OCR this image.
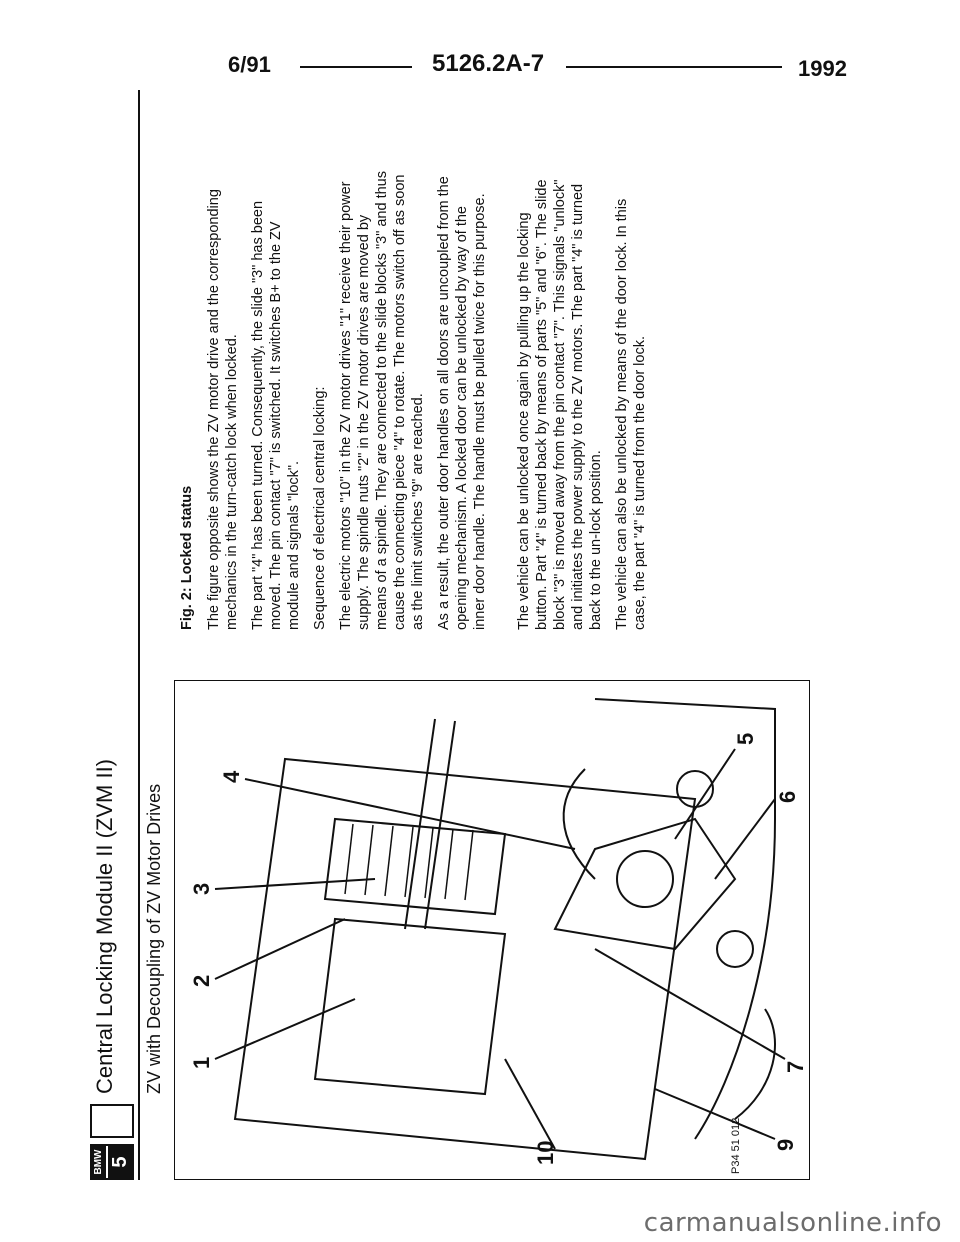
6/91	5126.2A-7	1992
BMW 5
Central Locking Module II (ZVM II) ZV with Decoupling of ZV Motor Drives 1
2
3
4
5
6
7
9
10	P34 51 012

Fig. 2: Locked status The figure opposite shows the ZV motor drive and the corresponding mechanics in the turn-catch lock when locked. The part "4" has been turned. Consequently, the slide "3" has been moved. The pin contact "7" is switched. It switches B+ to the ZV module and signals "lock". Sequence of electrical central locking: The electric motors "10" in the ZV motor drives "1" receive their power supply. The spindle nuts "2" in the ZV motor drives are moved by means of a spindle. They are connected to the slide blocks "3" and thus cause the connecting piece "4" to rotate. The motors switch off as soon as the limit switches "9" are reached. As a result, the outer door handles on all doors are uncoupled from the opening mechanism. A locked door can be unlocked by way of the inner door handle. The handle must be pulled twice for this purpose. The vehicle can be unlocked once again by pulling up the locking button. Part "4" is turned back by means of parts "5" and "6". The slide block "3" is moved away from the pin contact "7". This signals "unlock" and initiates the power supply to the ZV motors. The part "4" is turned back to the un-lock position. The vehicle can also be unlocked by means of the door lock. In this case, the part "4" is turned from the door lock.

carmanualsonline.info
